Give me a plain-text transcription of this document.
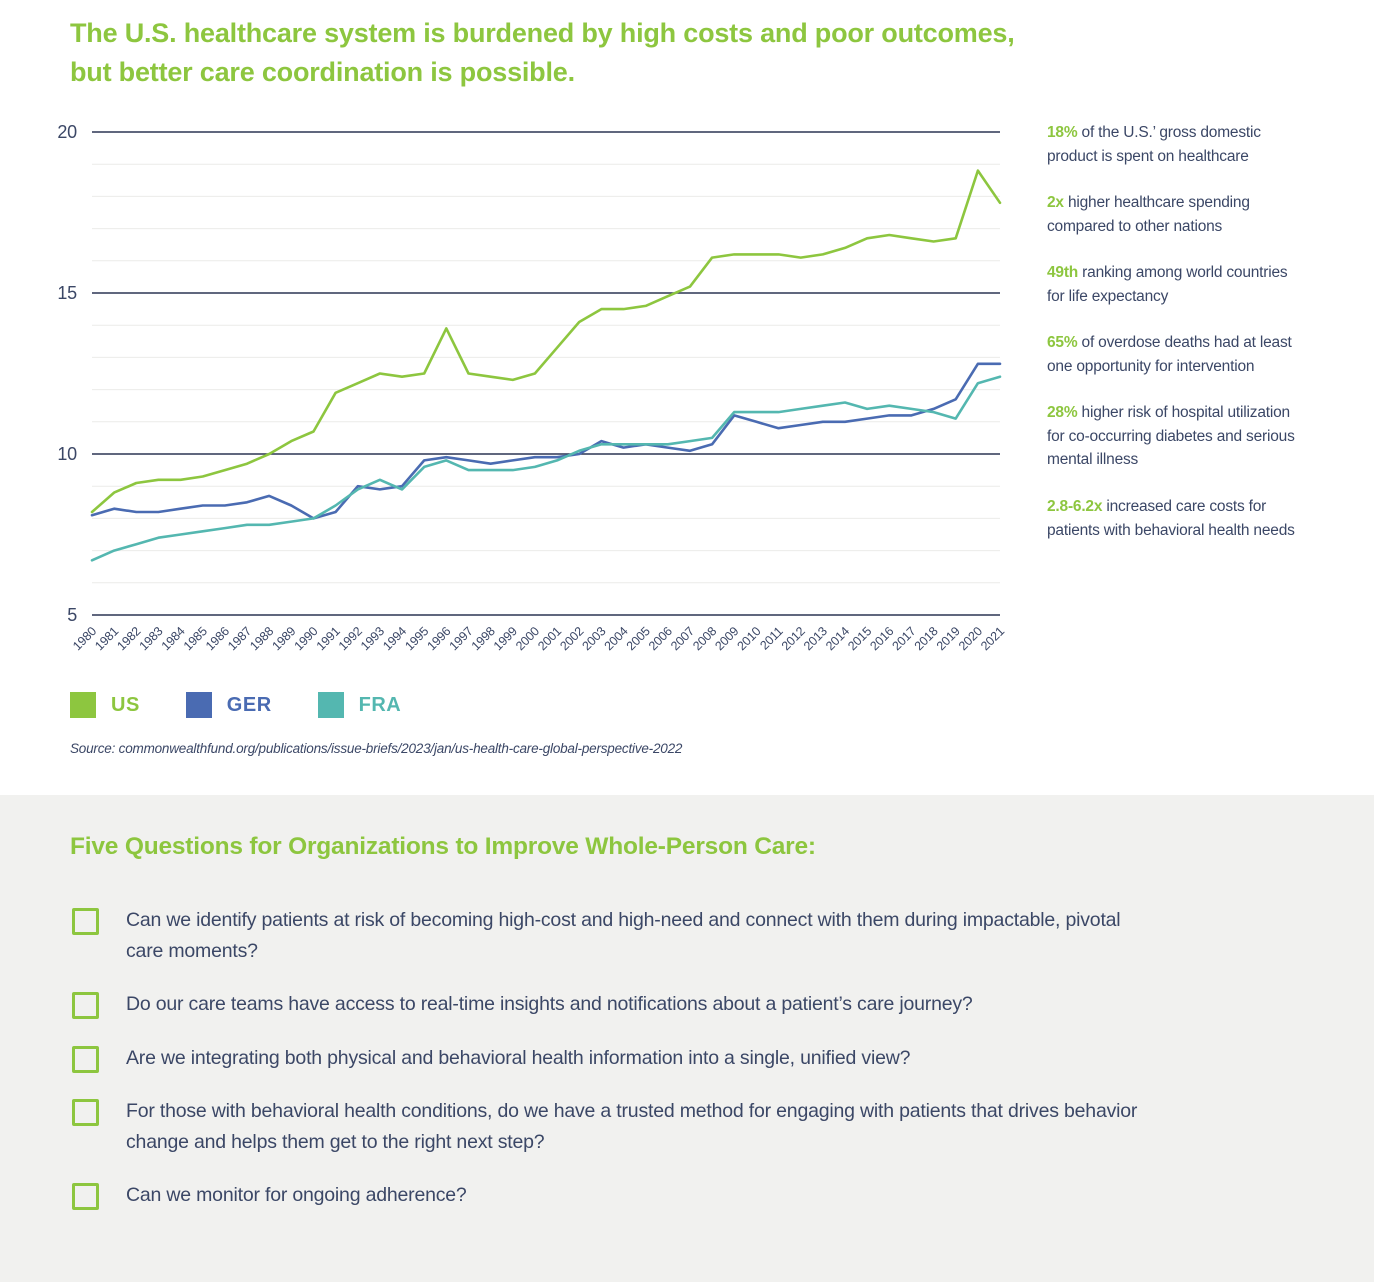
The U.S. healthcare system is burdened by high costs and poor outcomes,
but better care coordination is possible.
5
10
15
20
1980
1981
1982
1983
1984
1985
1986
1987
1988
1989
1990
1991
1992
1993
1994
1995
1996
1997
1998
1999
2000
2001
2002
2003
2004
2005
2006
2007
2008
2009
2010
2011
2012
2013
2014
2015
2016
2017
2018
2019
2020
2021

18% of the U.S.’ gross domestic product is spent on healthcare

2x higher healthcare spending compared to other nations

49th ranking among world countries for life expectancy

65% of overdose deaths had at least one opportunity for intervention

28% higher risk of hospital utilization for co-occurring diabetes and serious mental illness

2.8-6.2x increased care costs for patients with behavioral health needs

US	GER	FRA

Source: commonwealthfund.org/publications/issue-briefs/2023/jan/us-health-care-global-perspective-2022

Five Questions for Organizations to Improve Whole-Person Care:

Can we identify patients at risk of becoming high-cost and high-need and connect with them during impactable, pivotal care moments?

Do our care teams have access to real-time insights and notifications about a patient’s care journey?

Are we integrating both physical and behavioral health information into a single, unified view?

For those with behavioral health conditions, do we have a trusted method for engaging with patients that drives behavior change and helps them get to the right next step?

Can we monitor for ongoing adherence?
